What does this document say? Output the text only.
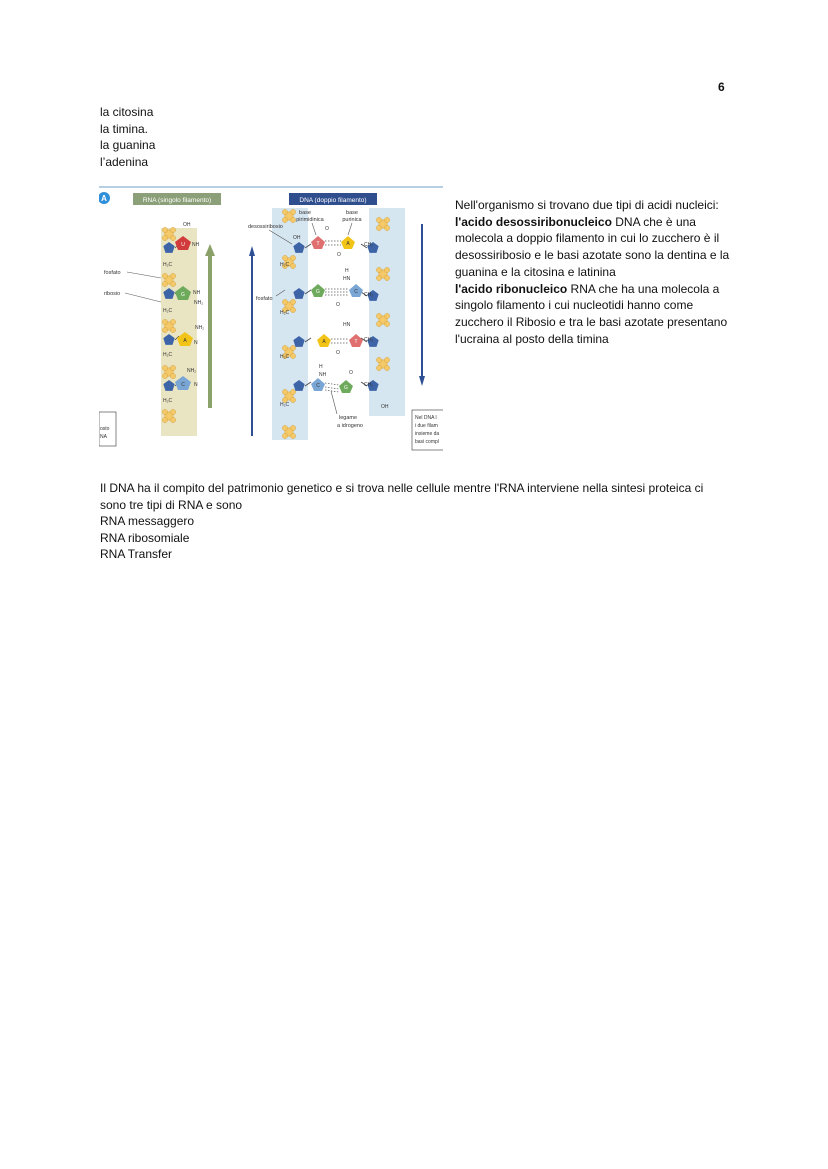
6
la citosina
la timina.
la guanina
l’adenina
A	RNA (singolo filamento)	DNA (doppio filamento)
U
G
A
C
T	A
G	C
A	T
C	G
OH
NH
NH
NH₂
NH₂
N
NH₂
N
H₂C
H₂C
H₂C
H₂C
OH
CH₂
CH₂
CH₂
CH₂
OH
H₂C
H₂C
H₂C
H₂C
H
HN
HN
H
NH
O
O
O
O
O
fosfato
ribosio
fosfato
desossiribosio
base
pirimidinica
base
purinica
legame
a idrogeno
osto
NA
Nel DNA l
i due filam
insieme da
basi compl

Nell'organismo si trovano due tipi di acidi nucleici:

l'acido desossiribonucleico DNA che è una molecola a doppio filamento in cui lo zucchero è il desossiribosio e le basi azotate sono la dentina e la guanina e la citosina e latinina

l'acido ribonucleico RNA che ha una molecola a singolo filamento i cui nucleotidi hanno come zucchero il Ribosio e tra le basi azotate presentano l'ucraina al posto della timina

Il DNA ha il compito del patrimonio genetico e si trova nelle cellule mentre l'RNA interviene nella sintesi proteica ci sono tre tipi di RNA e sono

RNA messaggero

RNA ribosomiale

RNA Transfer
